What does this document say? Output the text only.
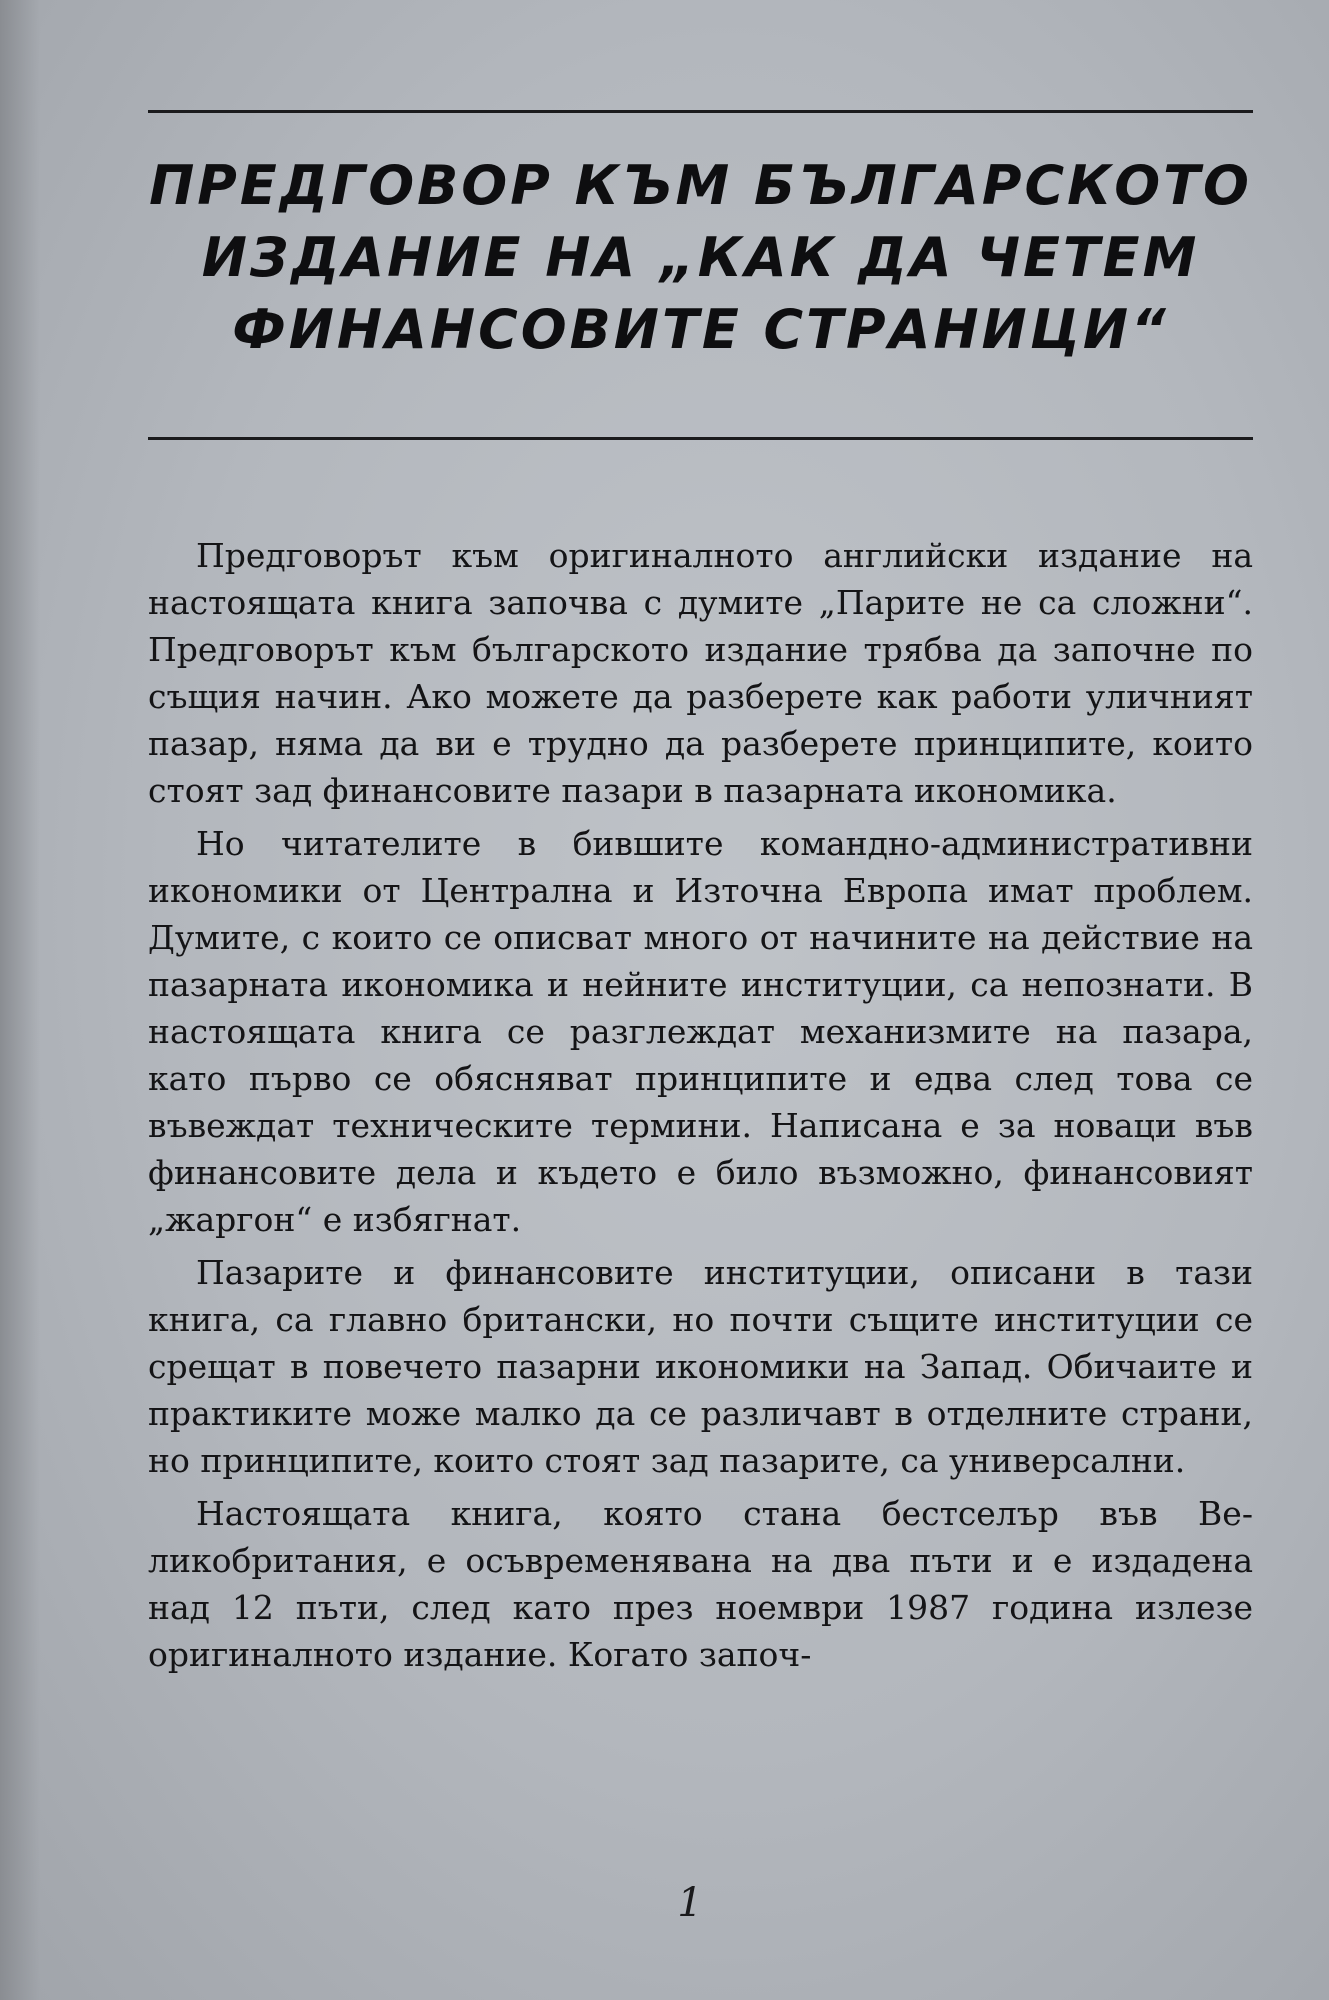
ПРЕДГОВОР КЪМ БЪЛГАРСКОТО
ИЗДАНИЕ НА „КАК ДА ЧЕТЕМ
ФИНАНСОВИТЕ СТРАНИЦИ“

Предговорът към оригиналното английски издание на настоящата книга започва с думите „Парите не са сложни“. Предговорът към българското издание трябва да започне по същия начин. Ако можете да разберете как работи уличният пазар, няма да ви е трудно да разберете принципите, които стоят зад финансовите пазари в пазарната икономика.

Но читателите в бившите командно-административни икономики от Централна и Източна Европа имат проблем. Думите, с които се описват много от начините на действие на пазарната икономика и нейните институции, са непознати. В настоящата книга се разглеждат механизмите на пазара, като първо се обясняват принципите и едва след това се въвеждат техническите термини. Написана е за новаци във финансовите дела и където е било възможно, финансовият „жаргон“ е избягнат.

Пазарите и финансовите институции, описани в тази книга, са главно британски, но почти същите институции се срещат в повечето пазарни икономики на Запад. Обичаите и практиките може малко да се различавт в отделните страни, но принципите, които стоят зад пазарите, са универсални.

Настоящата книга, която стана бестселър във Великобритания, е осъвременявана на два пъти и е издадена над 12 пъти, след като през ноември 1987 година излезе оригиналното издание. Когато започ-

1
